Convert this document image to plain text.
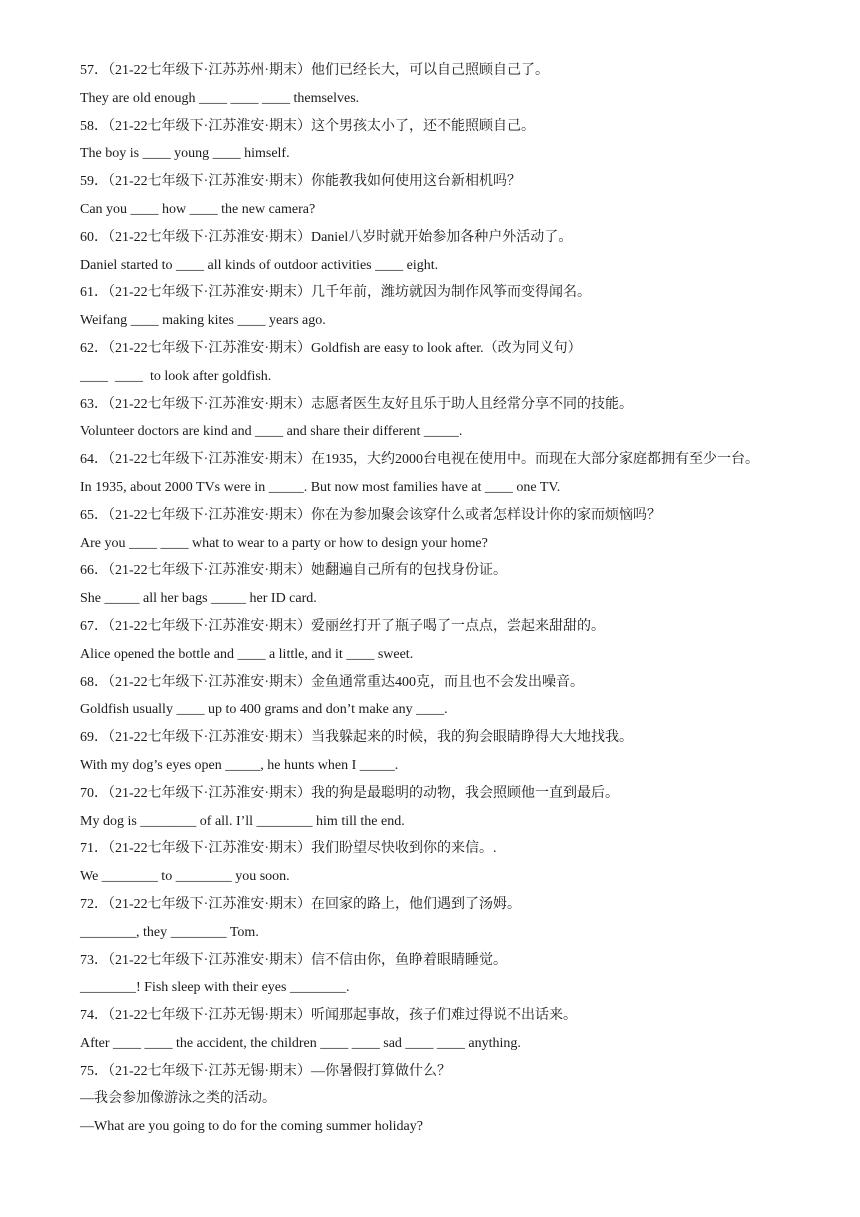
57．（21-22七年级下·江苏苏州·期末）他们已经长大，可以自己照顾自己了。
They are old enough ____ ____ ____ themselves.
58．（21-22七年级下·江苏淮安·期末）这个男孩太小了，还不能照顾自己。
The boy is ____ young ____ himself.
59．（21-22七年级下·江苏淮安·期末）你能教我如何使用这台新相机吗？
Can you ____ how ____ the new camera?
60．（21-22七年级下·江苏淮安·期末）Daniel八岁时就开始参加各种户外活动了。
Daniel started to ____ all kinds of outdoor activities ____ eight.
61．（21-22七年级下·江苏淮安·期末）几千年前，潍坊就因为制作风筝而变得闻名。
Weifang ____ making kites ____ years ago.
62．（21-22七年级下·江苏淮安·期末）Goldfish are easy to look after.（改为同义句）
____  ____  to look after goldfish.
63．（21-22七年级下·江苏淮安·期末）志愿者医生友好且乐于助人且经常分享不同的技能。
Volunteer doctors are kind and ____ and share their different _____.
64．（21-22七年级下·江苏淮安·期末）在1935，大约2000台电视在使用中。而现在大部分家庭都拥有至少一台。
In 1935, about 2000 TVs were in _____. But now most families have at ____ one TV.
65．（21-22七年级下·江苏淮安·期末）你在为参加聚会该穿什么或者怎样设计你的家而烦恼吗？
Are you ____ ____ what to wear to a party or how to design your home?
66．（21-22七年级下·江苏淮安·期末）她翻遍自己所有的包找身份证。
She _____ all her bags _____ her ID card.
67．（21-22七年级下·江苏淮安·期末）爱丽丝打开了瓶子喝了一点点，尝起来甜甜的。
Alice opened the bottle and ____ a little, and it ____ sweet.
68．（21-22七年级下·江苏淮安·期末）金鱼通常重达400克，而且也不会发出噪音。
Goldfish usually ____ up to 400 grams and don’t make any ____.
69．（21-22七年级下·江苏淮安·期末）当我躲起来的时候，我的狗会眼睛睁得大大地找我。
With my dog’s eyes open _____, he hunts when I _____.
70．（21-22七年级下·江苏淮安·期末）我的狗是最聪明的动物，我会照顾他一直到最后。
My dog is ________ of all. I’ll ________ him till the end.
71．（21-22七年级下·江苏淮安·期末）我们盼望尽快收到你的来信。.
We ________ to ________ you soon.
72．（21-22七年级下·江苏淮安·期末）在回家的路上，他们遇到了汤姆。
________, they ________ Tom.
73．（21-22七年级下·江苏淮安·期末）信不信由你，鱼睁着眼睛睡觉。
________! Fish sleep with their eyes ________.
74．（21-22七年级下·江苏无锡·期末）听闻那起事故，孩子们难过得说不出话来。
After ____ ____ the accident, the children ____ ____ sad ____ ____ anything.
75．（21-22七年级下·江苏无锡·期末）—你暑假打算做什么？
—我会参加像游泳之类的活动。
—What are you going to do for the coming summer holiday?
